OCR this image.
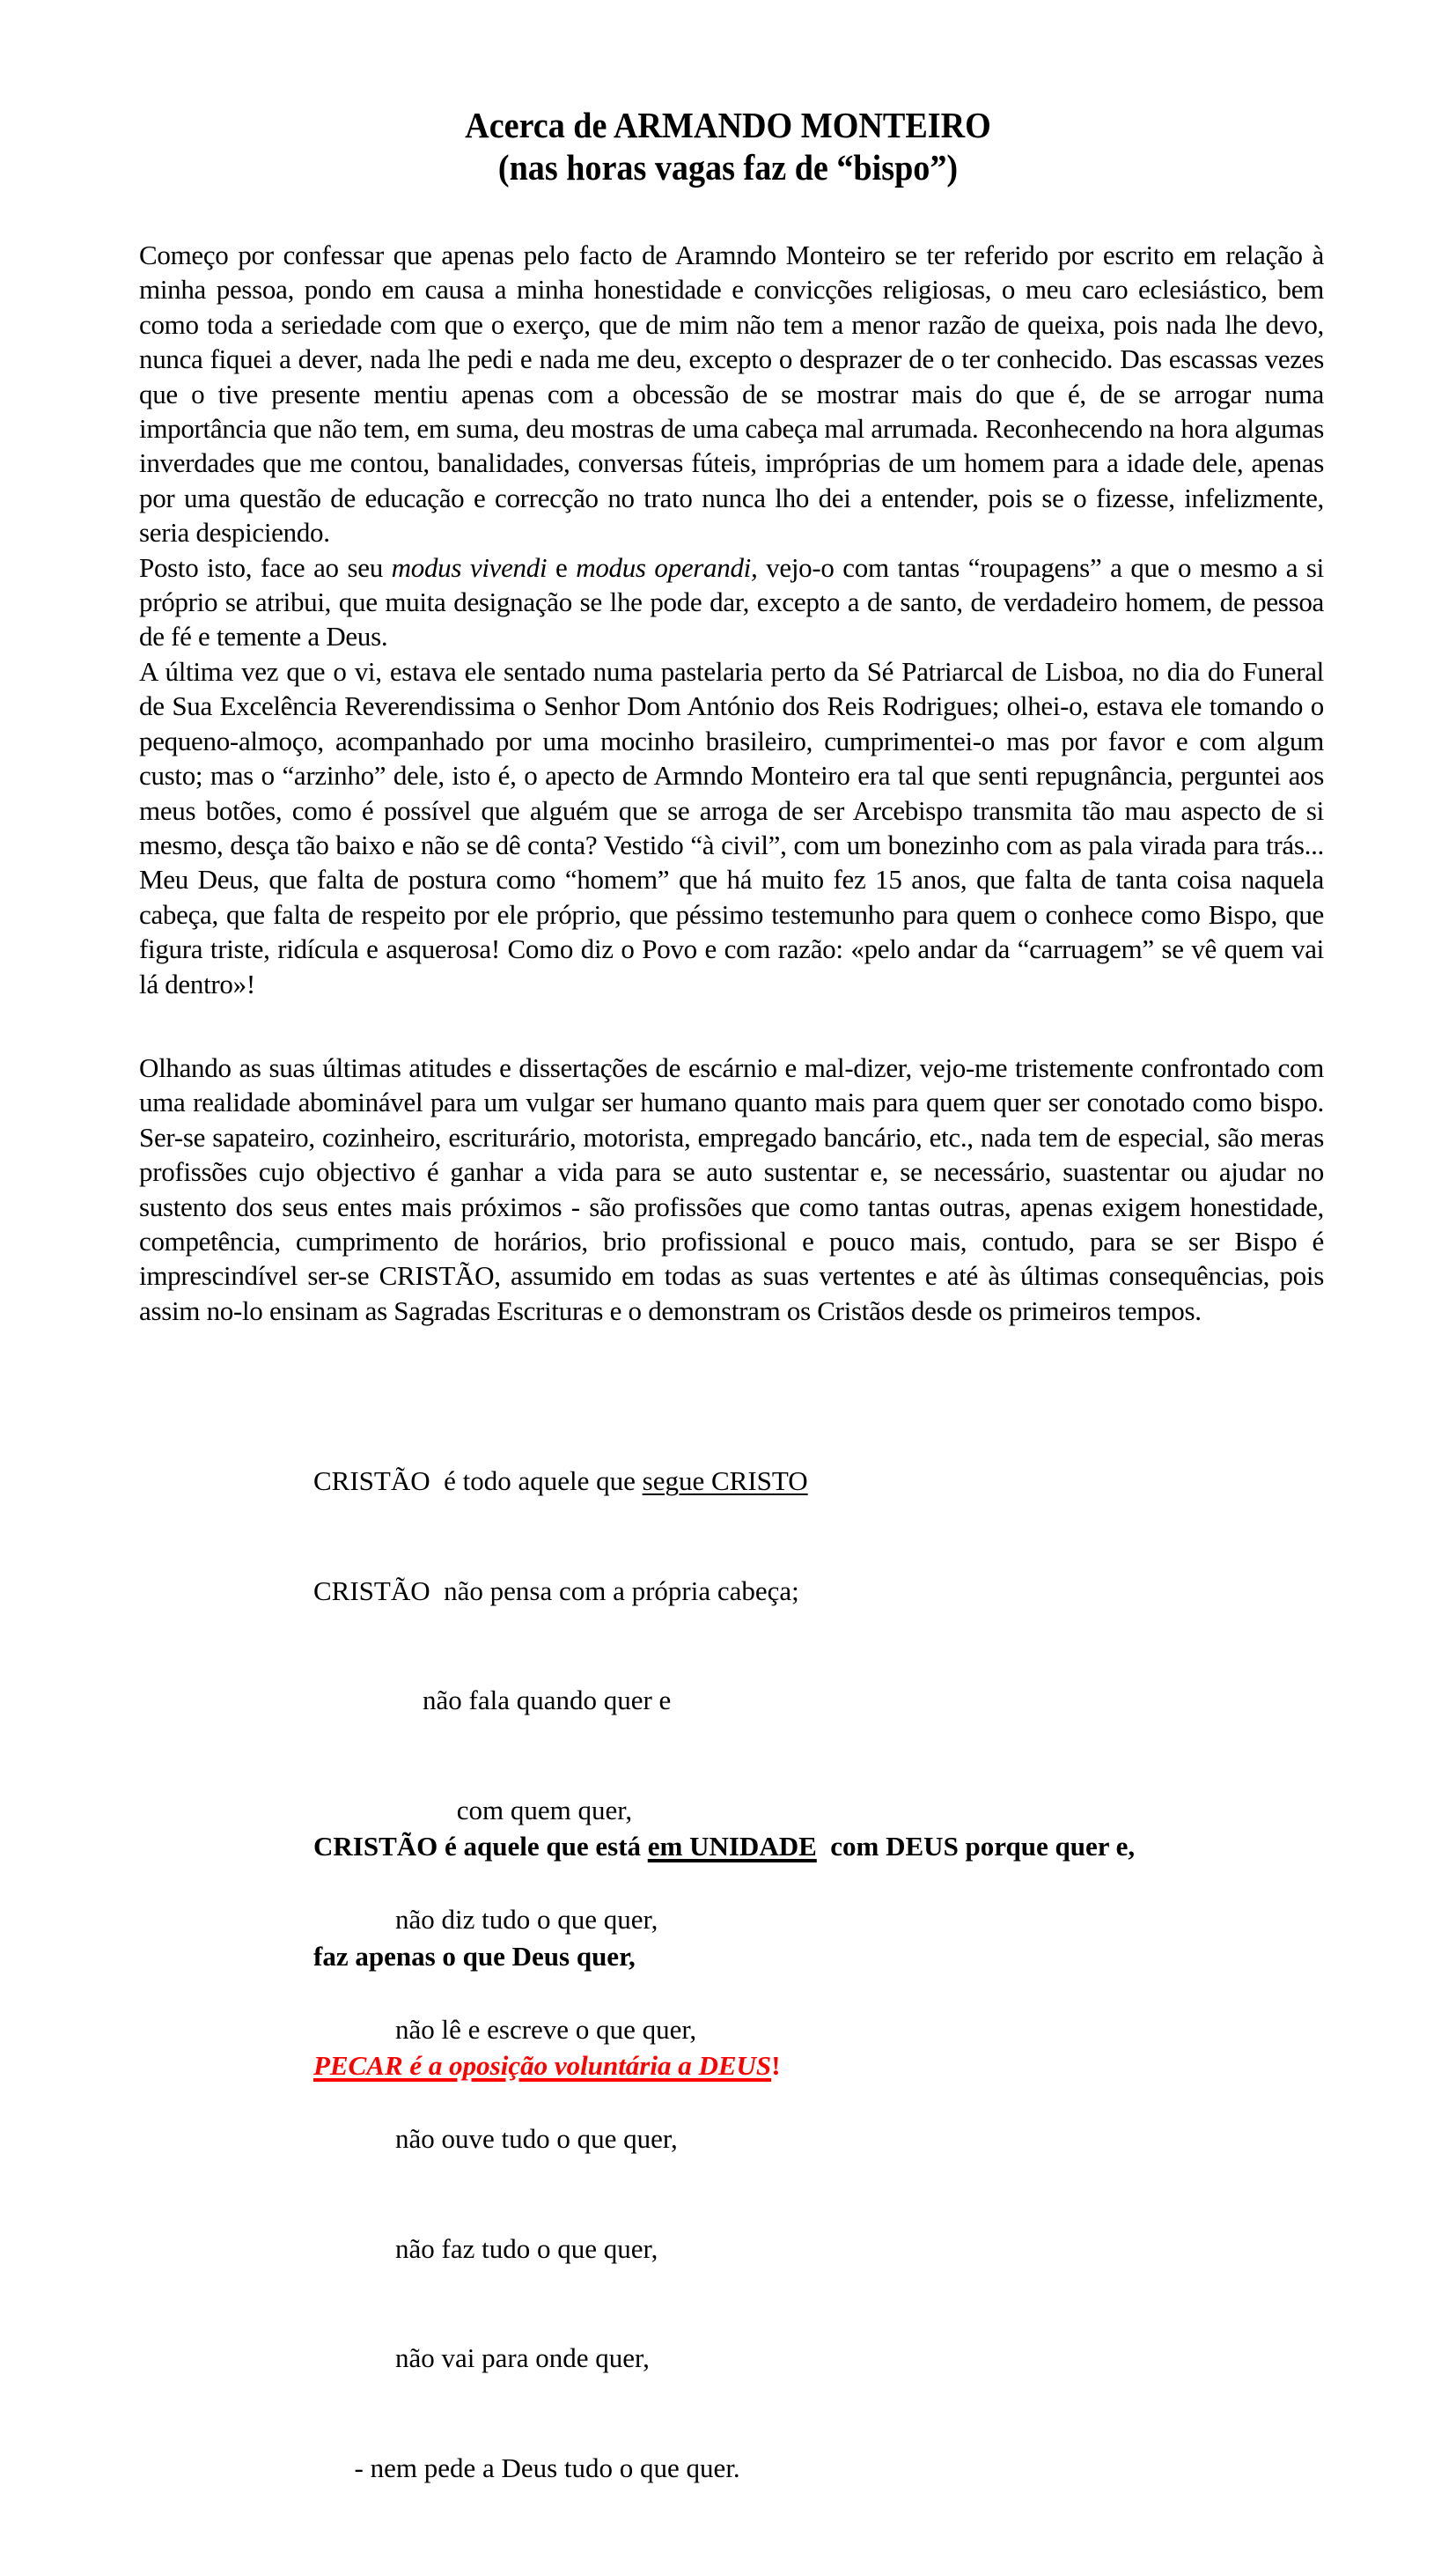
Acerca de ARMANDO MONTEIRO
(nas horas vagas faz de “bispo”)

Começo por confessar que apenas pelo facto de Aramndo Monteiro se ter referido por escrito em relação à minha pessoa, pondo em causa a minha honestidade e convicções religiosas, o meu caro eclesiástico, bem como toda a seriedade com que o exerço, que de mim não tem a menor razão de queixa, pois nada lhe devo, nunca fiquei a dever, nada lhe pedi e nada me deu, excepto o desprazer de o ter conhecido. Das escassas vezes que o tive presente mentiu apenas com a obcessão de se mostrar mais do que é, de se arrogar numa importância que não tem, em suma, deu mostras de uma cabeça mal arrumada. Reconhecendo na hora algumas inverdades que me contou, banalidades, conversas fúteis, impróprias de um homem para a idade dele, apenas por uma questão de educação e correcção no trato nunca lho dei a entender, pois se o fizesse, infelizmente, seria despiciendo.

Posto isto, face ao seu modus vivendi e modus operandi, vejo-o com tantas “roupagens” a que o mesmo a si próprio se atribui, que muita designação se lhe pode dar, excepto a de santo, de verdadeiro homem, de pessoa de fé e temente a Deus.

A última vez que o vi, estava ele sentado numa pastelaria perto da Sé Patriarcal de Lisboa, no dia do Funeral de Sua Excelência Reverendissima o Senhor Dom António dos Reis Rodrigues; olhei-o, estava ele tomando o pequeno-almoço, acompanhado por uma mocinho brasileiro, cumprimentei-o mas por favor e com algum custo; mas o “arzinho” dele, isto é, o apecto de Armndo Monteiro era tal que senti repugnância, perguntei aos meus botões, como é possível que alguém que se arroga de ser Arcebispo transmita tão mau aspecto de si mesmo, desça tão baixo e não se dê conta? Vestido “à civil”, com um bonezinho com as pala virada para trás... Meu Deus, que falta de postura como “homem” que há muito fez 15 anos, que falta de tanta coisa naquela cabeça, que falta de respeito por ele próprio, que péssimo testemunho para quem o conhece como Bispo, que figura triste, ridícula e asquerosa! Como diz o Povo e com razão: «pelo andar da “carruagem” se vê quem vai lá dentro»!

Olhando as suas últimas atitudes e dissertações de escárnio e mal-dizer, vejo-me tristemente confrontado com uma realidade abominável para um vulgar ser humano quanto mais para quem quer ser conotado como bispo. Ser-se sapateiro, cozinheiro, escriturário, motorista, empregado bancário, etc., nada tem de especial, são meras profissões cujo objectivo é ganhar a vida para se auto sustentar e, se necessário, suastentar ou ajudar no sustento dos seus entes mais próximos - são profissões que como tantas outras, apenas exigem honestidade, competência, cumprimento de horários, brio profissional e pouco mais, contudo, para se ser Bispo é imprescindível ser-se CRISTÃO, assumido em todas as suas vertentes e até às últimas consequências, pois assim no-lo ensinam as Sagradas Escrituras e o demonstram os Cristãos desde os primeiros tempos.

CRISTÃO  é todo aquele que segue CRISTO

CRISTÃO  não pensa com a própria cabeça;

não fala quando quer e

com quem quer,

não diz tudo o que quer,

não lê e escreve o que quer,

não ouve tudo o que quer,

não faz tudo o que quer,

não vai para onde quer,

- nem pede a Deus tudo o que quer.

CRISTÃO é aquele que está em UNIDADE  com DEUS porque quer e,

faz apenas o que Deus quer,

PECAR é a oposição voluntária a DEUS!
